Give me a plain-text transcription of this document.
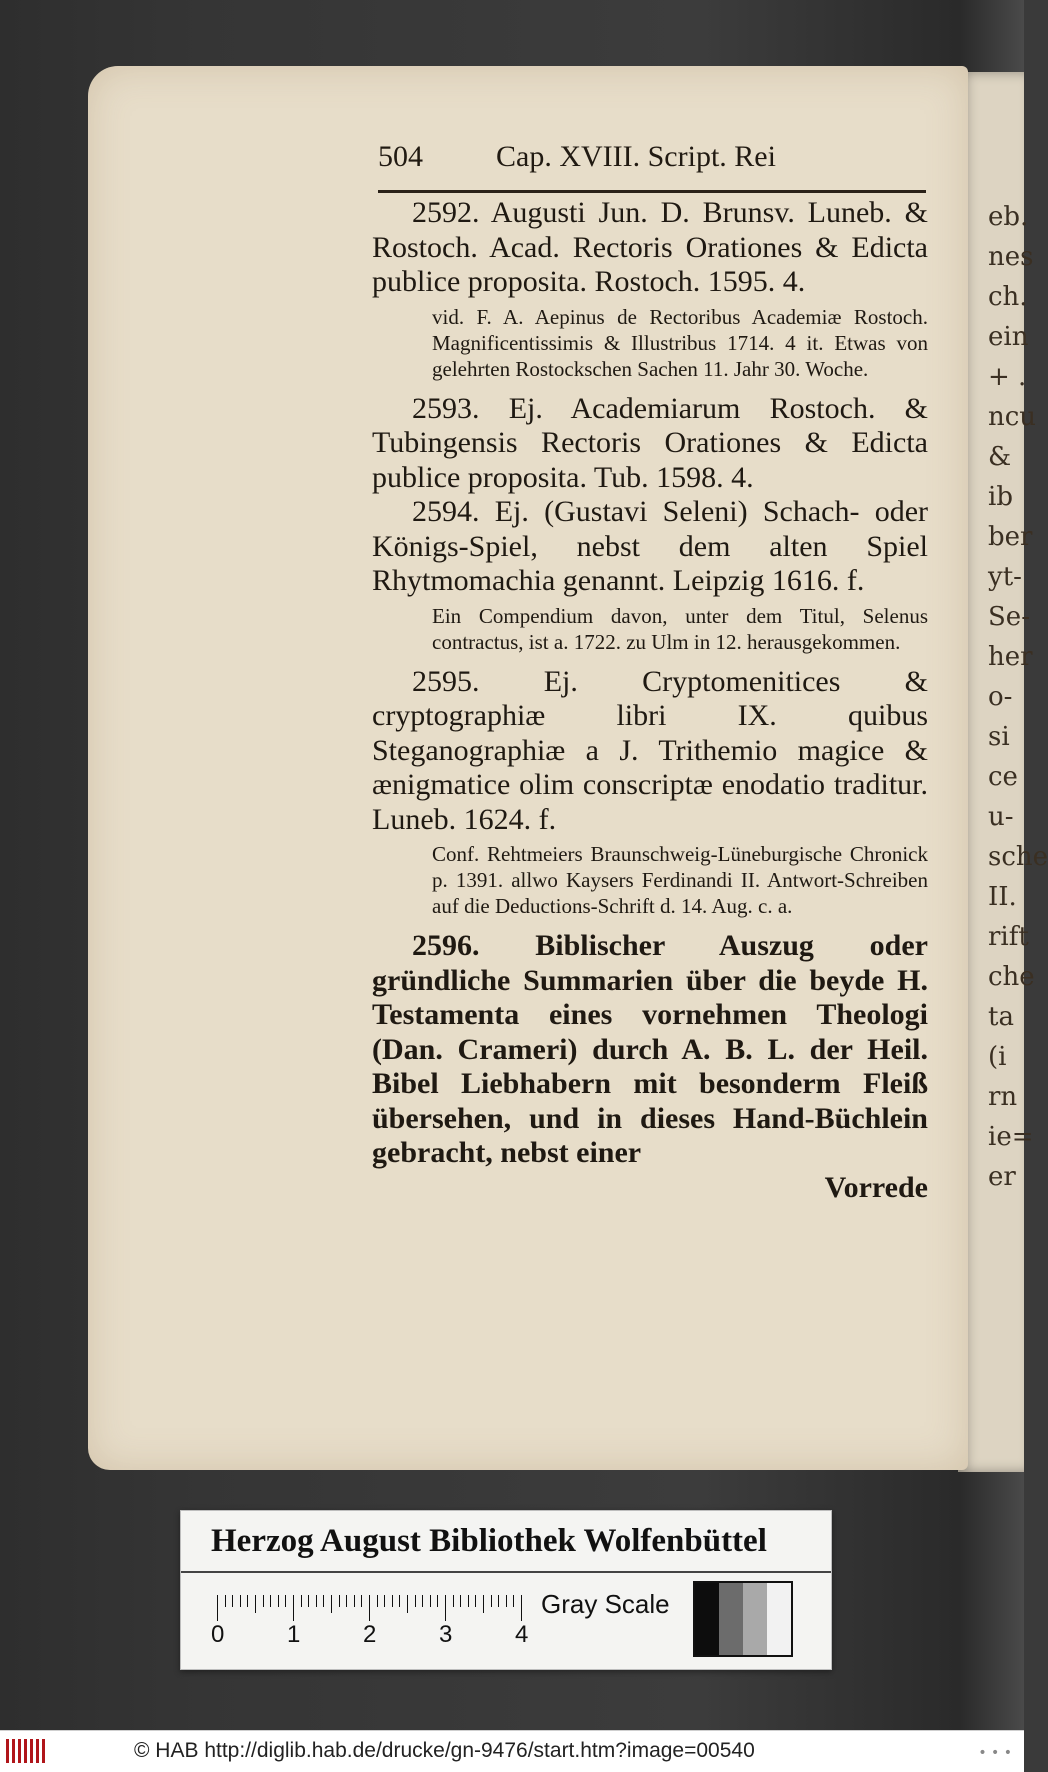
eb.
nes
ch.
ein
+ .
ncu
&
ib
ber
yt-
Se-
her
o-
si
ce
u-
sche
II.
rift
che
ta
(i
rn
ie=
er
504 Cap. XVIII. Script. Rei

2592. Augusti Jun. D. Brunsv. Luneb. & Rostoch. Acad. Rectoris Orationes & Edicta publice proposita. Rostoch. 1595. 4.

vid. F. A. Aepinus de Rectoribus Academiæ Rostoch. Magnificentissimis & Illustribus 1714. 4 it. Etwas von gelehrten Rostockschen Sachen 11. Jahr 30. Woche.

2593. Ej. Academiarum Rostoch. & Tubingensis Rectoris Orationes & Edicta publice proposita. Tub. 1598. 4.

2594. Ej. (Gustavi Seleni) Schach- oder Königs-Spiel, nebst dem alten Spiel Rhytmomachia genannt. Leipzig 1616. f.

Ein Compendium davon, unter dem Titul, Selenus contractus, ist a. 1722. zu Ulm in 12. herausgekommen.

2595. Ej. Cryptomenitices & cryptographiæ libri IX. quibus Steganographiæ a J. Trithemio magice & ænigmatice olim conscriptæ enodatio traditur. Luneb. 1624. f.

Conf. Rehtmeiers Braunschweig-Lüneburgische Chronick p. 1391. allwo Kaysers Ferdinandi II. Antwort-Schreiben auf die Deductions-Schrift d. 14. Aug. c. a.

2596. Biblischer Auszug oder gründliche Summarien über die beyde H. Testamenta eines vornehmen Theologi (Dan. Crameri) durch A. B. L. der Heil. Bibel Liebhabern mit besonderm Fleiß übersehen, und in dieses Hand-Büchlein gebracht, nebst einer

Vorrede
Herzog August Bibliothek Wolfenbüttel
0	1	2	3	4
Gray Scale
© HAB http://diglib.hab.de/drucke/gn-9476/start.htm?image=00540	• • •
